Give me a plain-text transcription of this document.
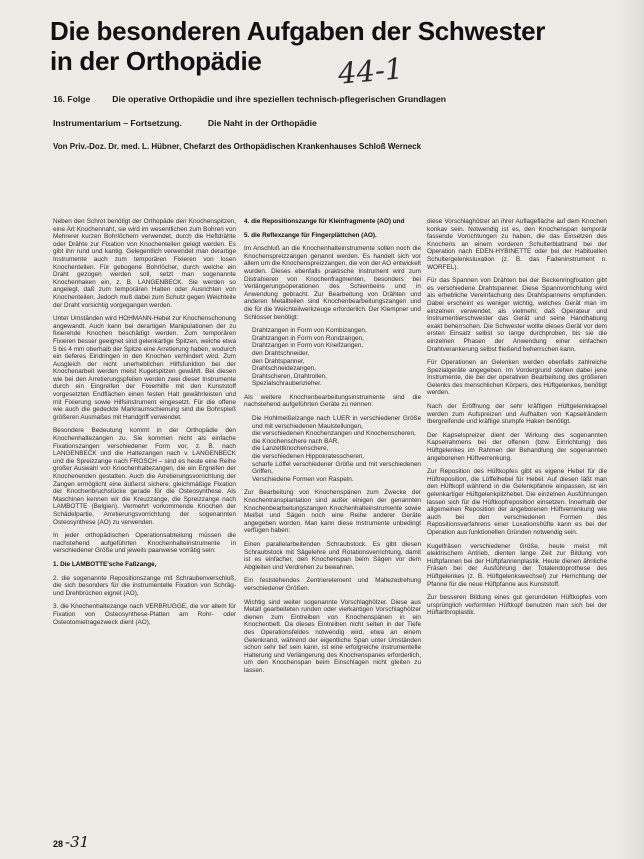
Die besonderen Aufgaben der Schwester
in der Orthopädie	44-1
16. Folge	Die operative Orthopädie und ihre speziellen technisch-pflegerischen Grundlagen
Instrumentarium – Fortsetzung.	Die Naht in der Orthopädie
Von Priv.-Doz. Dr. med. L. Hübner, Chefarzt des Orthopädischen Krankenhauses Schloß Werneck

Neben den Schrot benötigt der Orthopäde den Knochenspitzen, eine Art Knochennaht, sie wird im wesentlichen zum Bohren von Mehrerer kurzen Bohrlöchern verwendet, durch die Heftdrähte oder Drähte zur Fixation von Knochenteilen gelegt werden. Es gibt ihn rund und kantig. Gelegentlich verwendet man derartige Instrumente auch zum temporären Fixieren von losen Knochenteilen. Für gebogene Bohrlöcher, durch welche ein Draht gezogen werden soll, setzt man sogenannte Knochenhaken ein, z. B. LANGENBECK. Sie werden so angelegt, daß zum temporären Halten oder Ausrichten von Knochenteilen. Jedoch muß dabei zum Schutz gegen Weichteile der Draht vorsichtig vorgegangen werden.

Unter Umständen wird HOHMANN-Hebel zur Knochenschonung angewandt. Auch kann bei derartigen Manipulationen der zu fixierende Knochen beschädigt werden. Zum temporären Fixieren besser geeignet sind gelenkartige Spitzen, welche etwa 5 bis 4 mm oberhalb der Spitze eine Arretierung haben, wodurch ein tieferes Eindringen in den Knochen verhindert wird. Zum Ausgleich der nicht unerheblichen Hilfsfunktion bei der Knochenarbeit werden meist Kugelspitzen gewählt. Bei diesen wie bei den Arretierungspfeilen werden zwei dieser Instrumente durch ein Eingreifen der Fixierhilfe mit den Kunststoff vorgesetzten Endflächen einen festen Halt gewährleisten und mit Fixierung sowie Hilfsinstrument eingesetzt. Für die offene wie auch die gedeckte Markraumschienung sind die Bohrspieß größeren Ausmaßes mit Handgriff verwendet.

Besondere Bedeutung kommt in der Orthopädie den Knochenhaltezangen zu. Sie kommen nicht als einfache Fixationszangen verschiedener Form vor, z. B. nach LANGENBECK und die Haltezangen nach v. LANGENBECK und die Spreizzange nach FROSCH – sind es heute eine Reihe großer Auswahl von Knochenhaltezangen, die ein Ergreifen der Knochenenden gestatten. Auch die Arretierungsvorrichtung der Zangen ermöglicht eine äußerst sichere, gleichmäßige Fixation der Knochenbruchstücke gerade für die Osteosynthese. Als Maschinen kennen wir die Kreuzzange, die Spreizzange nach LAMBOTTE (Belgien). Vermehrt vorkommende Knochen der Schädelpartie, Arretierungsvorrichtung der sogenannten Osteosynthese (AO) zu verwenden.

In jeder orthopädischen Operationsabteilung müssen die nachstehend aufgeführten Knochenhalteinstrumente in verschiedener Größe und jeweils paarweise vorrätig sein:

1. Die LAMBOTTE'sche Faßzange,

2. die sogenannte Repositionszange mit Schraubenverschluß, die sich besonders für die instrumentelle Fixation von Schräg- und Drehbrüchen eignet (AO),

3. die Knochenhaltezange nach VERBRUGGE, die vor allem für Fixation von Osteosynthese-Platten am Rohr- oder Osteotomietragezweck dient (AO),

4. die Repositionszange für Kleinfragmente (AO) und

5. die Reflexzange für Fingerplättchen (AO).

Im Anschluß an die Knochenhalteinstrumente sollen noch die Knochenspreizzangen genannt werden. Es handelt sich vor allem um die Knochenspreizzangen, die von der AO entwickelt wurden. Dieses ebenfalls praktische Instrument wird zum Distrahieren von Knochenfragmenten, besonders bei Verlängerungsoperationen des Schienbeins und in Anwendung gebracht. Zur Bearbeitung von Drähten und anderen Metallteilen sind Knochenbearbeitungszangen und die für die Weichteilwerkzeuge erforderlich. Der Klempner und Schlosser benötigt:

Drahtzangen in Form von Kombizangen,
Drahtzangen in Form von Rundzangen,
Drahtzangen in Form von Kneifzangen,
den Drahtschneider,
den Drahtspanner,
Drahtschneidezangen,
Drahtscheren, Drahtrollen,
Spezialschraubenzieher.

Als weitere Knochenbearbeitungsinstrumente sind die nachstehend aufgeführten Geräte zu nennen:

Die Hohlmeißelzange nach LUER in verschiedener Größe und mit verschiedenen Maulstellungen,
die verschiedenen Knochenzangen und Knochenscheren,
die Knochenschere nach BAR,
die Lanzettknochenschere,
die verschiedenen Hippokratesscheren,
scharfe Löffel verschiedener Größe und mit verschiedenen Griffen,
Verschiedene Formen von Raspeln.

Zur Bearbeitung von Knochenspänen zum Zwecke der Knochentransplantation sind außer einigen der genannten Knochenbearbeitungszangen Knochenhalteinstrumente sowie Meißel und Sägen noch eine Reihe anderer Geräte angegeben worden. Man kann diese Instrumente unbedingt verfügen haben:

Einen parallelarbeitenden Schraubstock. Es gibt diesen Schraubstock mit Sägelehre und Rotationsverrichtung, damit ist es einfacher, den Knochenspan beim Sägen vor dem Abgleiten und Verdrehen zu bewahren.

Ein feststehendes Zentrierelement und Maltezedrehung verschiedener Größen.

Wichtig sind weiter sogenannte Vorschlaghölzer. Diese aus Metall gearbeiteten runden oder vierkantigen Vorschlaghölzer dienen zum Eintreiben von Knochenspänen in ein Knochenbett. Da dieses Eintreiben nicht selten in der Tiefe des Operationsfeldes notwendig wird, etwa an einem Gelenkrand, während der eigentliche Span unter Umständen schon sehr tief sein kann, ist eine erfolgreiche instrumentelle Halterung und Verlängerung des Knochenspanes erforderlich, um den Knochenspan beim Einschlagen nicht gleiten zu lassen.

diese Vorschlaghölzer an ihrer Auflagefläche auf dem Knochen konkav sein. Notwendig ist es, den Knochenspan temporär fassende Vorrichtungen zu haben, die das Einsetzen des Knochens an einem vorderen Schulterblattrand bei der Operation nach EDEN-HYBINETTE oder bei der Habituellen Schultergelenksluxation (z. B. das Fadeninstrument n. WORFEL).

Für das Spannen von Drähten bei der Beckenringfixation gibt es verschiedene Drahtspanner. Diese Spannvorrichtung wird als erhebliche Vereinfachung des Drahtspannens empfunden. Dabei erscheint es weniger wichtig, welches Gerät man im einzelnen verwendet, als vielmehr, daß Operateur und Instrumentierschwester das Gerät und seine Handhabung exakt beherrschen. Die Schwester wollte dieses Gerät vor dem ersten Einsatz selbst so lange durchproben, bis sie die einzelnen Phasen der Anwendung einer einfachen Drahtverankerung selbst fließend beherrschen kann.

Für Operationen an Gelenken werden ebenfalls zahlreiche Spezialgeräte angegeben. Im Vordergrund stehen dabei jene Instrumente, die bei der operativen Bearbeitung des größeren Gelenks des menschlichen Körpers, des Hüftgelenkes, benötigt werden.

Nach der Eröffnung der sehr kräftigen Hüftgelenkkapsel werden zum Aufspreizen und Aufhalten von Kapselrändern Ibergreifende und kräftige stumpfe Haken benötigt.

Der Kapselspreizer dient der Wirkung des sogenannten Kapselrahmens bei der offenen (bzw. Einrichtung) des Hüftgelenkes im Rahmen der Behandlung der sogenannten angeborenen Hüftverrenkung.

Zur Reposition des Hüftkopfes gibt es eigene Hebel für die Hüftreposition, die Löffelhebel für Hebel. Auf diesen läßt man den Hüftkopf während in die Gelenkpfanne einpassen, ist ein gelenkartiger Hüftgelenkpilzhebel. Die einzelnen Ausführungen lassen sich für die Hüftkopfreposition einsetzen. Innerhalb der allgemeinen Reposition der angeborenen Hüftverrenkung wie auch bei den verschiedenen Formen des Repositionsverfahrens einer Luxationshüfte kann es bei der Operation aus funktionellen Gründen notwendig sein.

Kugelfräsen verschiedener Größe, heute meist mit elektrischem Antrieb, dienten lange Zeit zur Bildung von Hüftpfannen bei der Hüftpfannenplastik. Heute dienen ähnliche Fräsen bei der Ausführung der Totalendoprothese des Hüftgelenkes (z. B. Hüftgelenkswechsel) zur Herrichtung der Pfanne für die neue Hüftpfanne aus Kunststoff.

Zur besseren Bildung eines gut gerundeten Hüftkopfes vom ursprünglich verformten Hüftkopf benutzen man sich bei der Hüftarthroplastik.

28 -31
